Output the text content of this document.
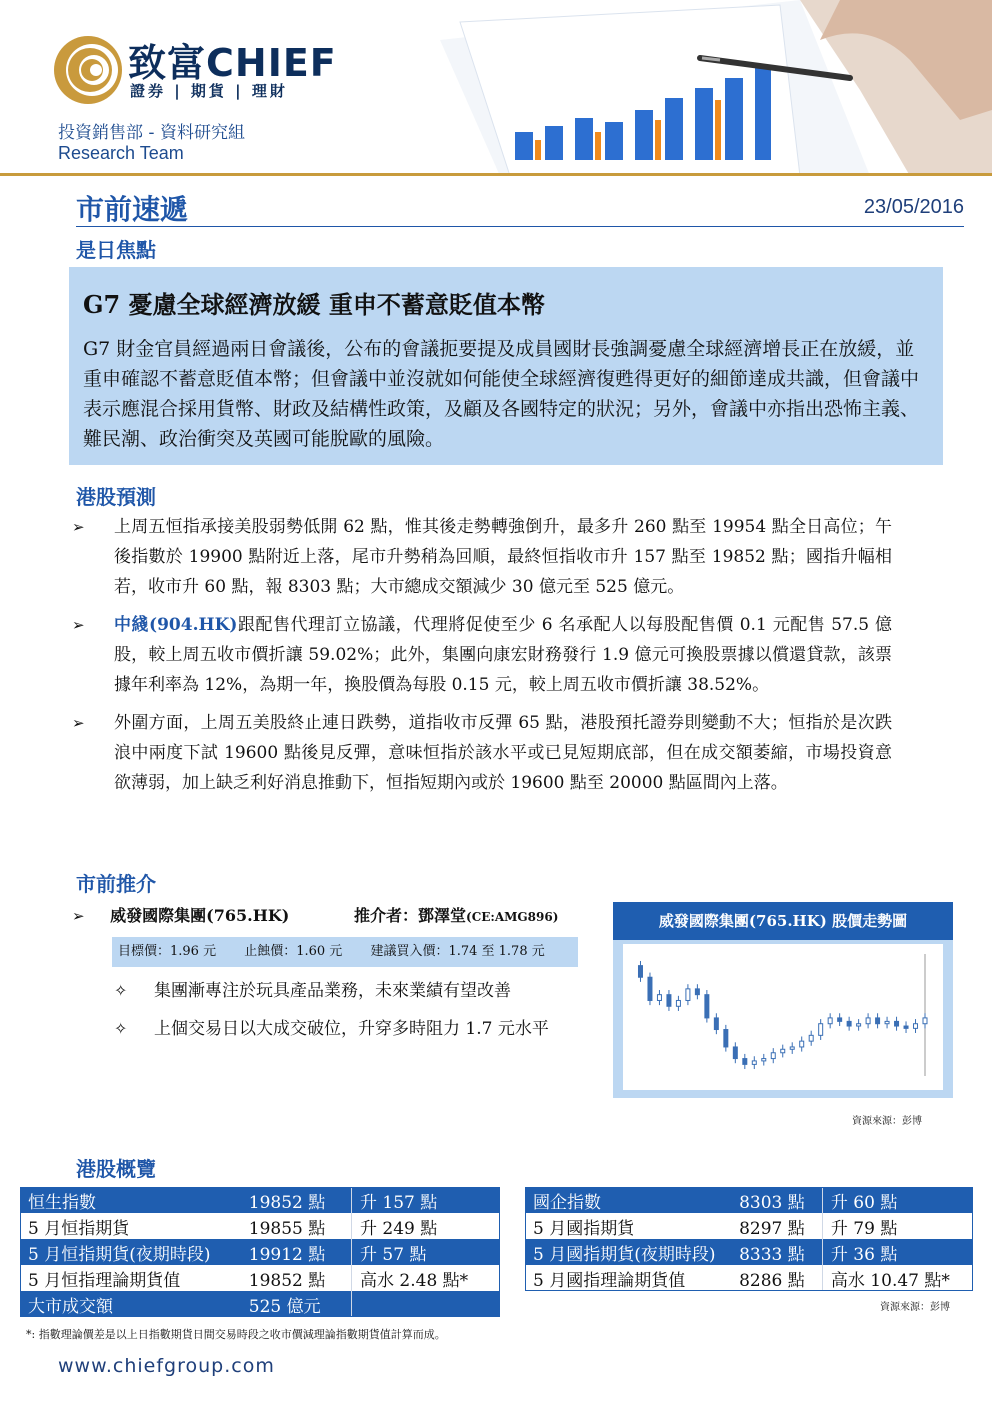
致富CHIEF
證券 | 期貨 | 理財
投資銷售部 - 資料研究組
Research Team
市前速遞	23/05/2016
是日焦點
G7 憂慮全球經濟放緩 重申不蓄意貶值本幣
G7 財金官員經過兩日會議後，公布的會議扼要提及成員國財長強調憂慮全球經濟增長正在放緩，並重申確認不蓄意貶值本幣；但會議中並沒就如何能使全球經濟復甦得更好的細節達成共識，但會議中表示應混合採用貨幣、財政及結構性政策，及顧及各國特定的狀況；另外，會議中亦指出恐怖主義、難民潮、政治衝突及英國可能脫歐的風險。
港股預測
➢ 上周五恒指承接美股弱勢低開 62 點，惟其後走勢轉強倒升，最多升 260 點至 19954 點全日高位；午後指數於 19900 點附近上落，尾市升勢稍為回順，最終恒指收市升 157 點至 19852 點；國指升幅相若，收市升 60 點，報 8303 點；大市總成交額減少 30 億元至 525 億元。
➢ 中綫(904.HK)跟配售代理訂立協議，代理將促使至少 6 名承配人以每股配售價 0.1 元配售 57.5 億股，較上周五收市價折讓 59.02%；此外，集團向康宏財務發行 1.9 億元可換股票據以償還貸款，該票據年利率為 12%，為期一年，換股價為每股 0.15 元，較上周五收市價折讓 38.52%。
➢ 外圍方面，上周五美股終止連日跌勢，道指收市反彈 65 點，港股預托證券則變動不大；恒指於是次跌浪中兩度下試 19600 點後見反彈，意味恒指於該水平或已見短期底部，但在成交額萎縮，市場投資意欲薄弱，加上缺乏利好消息推動下，恒指短期內或於 19600 點至 20000 點區間內上落。
市前推介
➢ 威發國際集團(765.HK)	推介者：鄧澤堂(CE:AMG896)
目標價：1.96 元 止蝕價：1.60 元 建議買入價：1.74 至 1.78 元
✧ 集團漸專注於玩具產品業務，未來業績有望改善
✧ 上個交易日以大成交破位，升穿多時阻力 1.7 元水平
威發國際集團(765.HK) 股價走勢圖
資源來源：彭博
港股概覽
恒生指數	19852 點	升 157 點
5 月恒指期貨	19855 點	升 249 點
5 月恒指期貨(夜期時段)	19912 點	升 57 點
5 月恒指理論期貨值	19852 點	高水 2.48 點*
大市成交額	525 億元	
國企指數	8303 點	升 60 點
5 月國指期貨	8297 點	升 79 點
5 月國指期貨(夜期時段)	8333 點	升 36 點
5 月國指理論期貨值	8286 點	高水 10.47 點*
資源來源：彭博
*: 指數理論價差是以上日指數期貨日間交易時段之收市價減理論指數期貨值計算而成。
www.chiefgroup.com
